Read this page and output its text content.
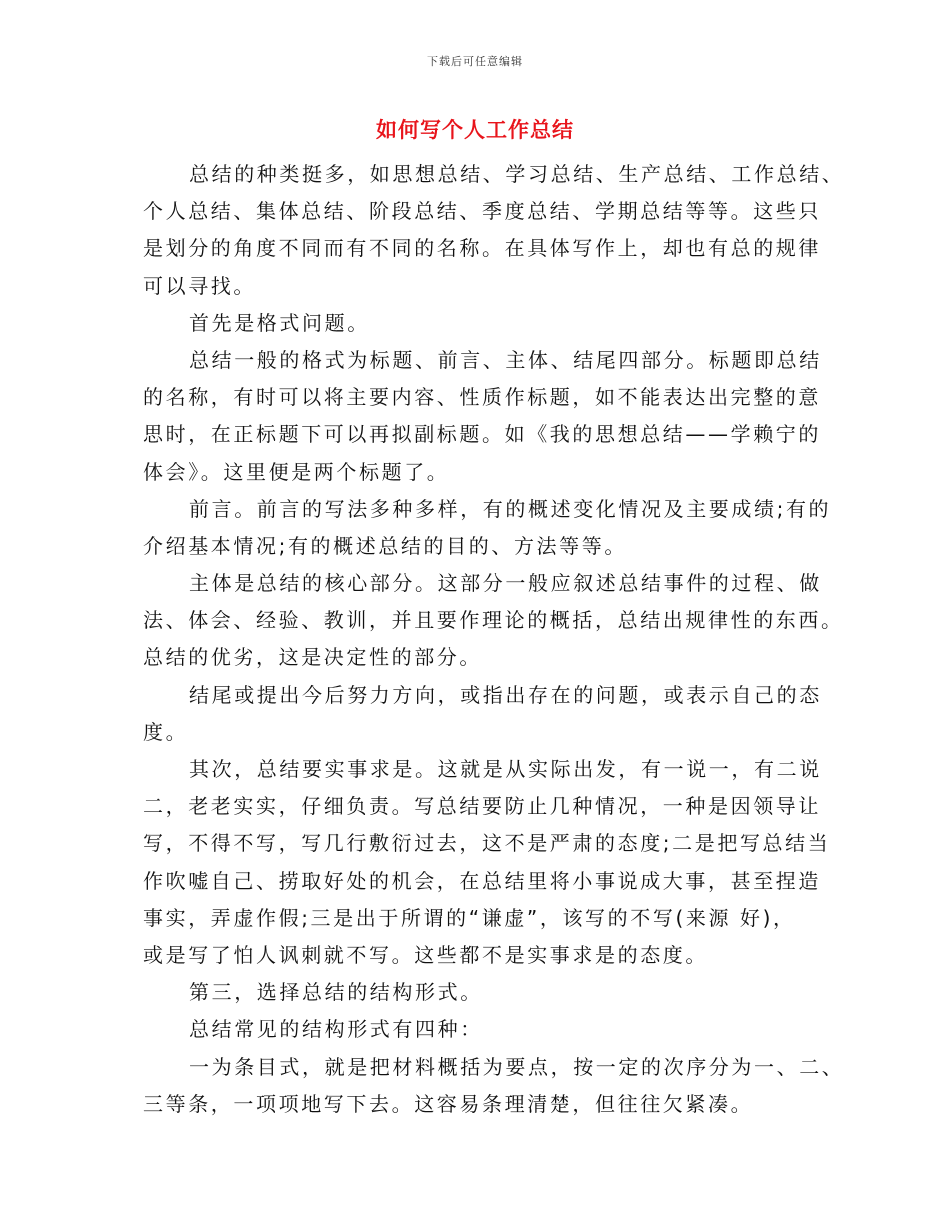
下载后可任意编辑
如何写个人工作总结
总结的种类挺多，如思想总结、学习总结、生产总结、工作总结、
个人总结、集体总结、阶段总结、季度总结、学期总结等等。这些只
是划分的角度不同而有不同的名称。在具体写作上，却也有总的规律
可以寻找。
首先是格式问题。
总结一般的格式为标题、前言、主体、结尾四部分。标题即总结
的名称，有时可以将主要内容、性质作标题，如不能表达出完整的意
思时，在正标题下可以再拟副标题。如《我的思想总结——学赖宁的
体会》。这里便是两个标题了。
前言。前言的写法多种多样，有的概述变化情况及主要成绩;有的
介绍基本情况;有的概述总结的目的、方法等等。
主体是总结的核心部分。这部分一般应叙述总结事件的过程、做
法、体会、经验、教训，并且要作理论的概括，总结出规律性的东西。
总结的优劣，这是决定性的部分。
结尾或提出今后努力方向，或指出存在的问题，或表示自己的态
度。
其次，总结要实事求是。这就是从实际出发，有一说一，有二说
二，老老实实，仔细负责。写总结要防止几种情况，一种是因领导让
写，不得不写，写几行敷衍过去，这不是严肃的态度;二是把写总结当
作吹嘘自己、捞取好处的机会，在总结里将小事说成大事，甚至捏造
事实，弄虚作假;三是出于所谓的“谦虚”，该写的不写(来源 好)，
或是写了怕人讽刺就不写。这些都不是实事求是的态度。
第三，选择总结的结构形式。
总结常见的结构形式有四种：
一为条目式，就是把材料概括为要点，按一定的次序分为一、二、
三等条，一项项地写下去。这容易条理清楚，但往往欠紧凑。
